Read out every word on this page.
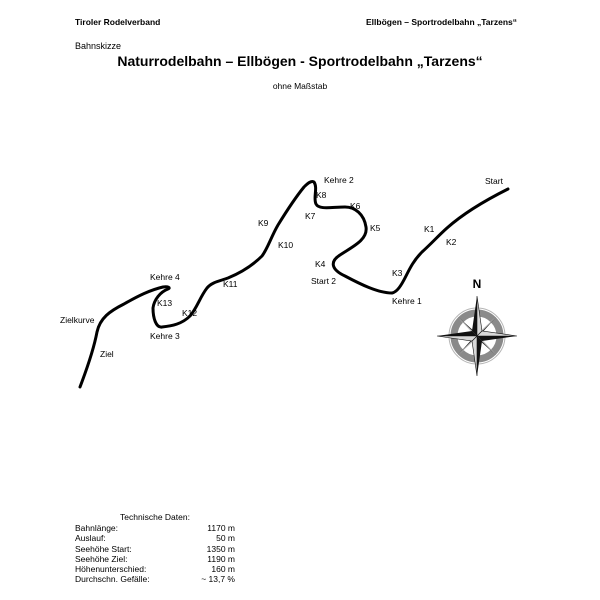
Tiroler Rodelverband	Ellbögen – Sportrodelbahn „Tarzens“
Bahnskizze
Naturrodelbahn – Ellbögen - Sportrodelbahn „Tarzens“
ohne Maßstab
Start
K1
K2
K3
Kehre 1
Start 2
K4
K5
K6
K7
K8
Kehre 2
K9
K10
K11
K12
Kehre 4
K13
Kehre 3
Zielkurve
Ziel
N
Technische Daten:
Bahnlänge:	1170 m
Auslauf:	50 m
Seehöhe Start:	1350 m
Seehöhe Ziel:	1190 m
Höhenunterschied:	160 m
Durchschn. Gefälle:	~ 13,7 %
